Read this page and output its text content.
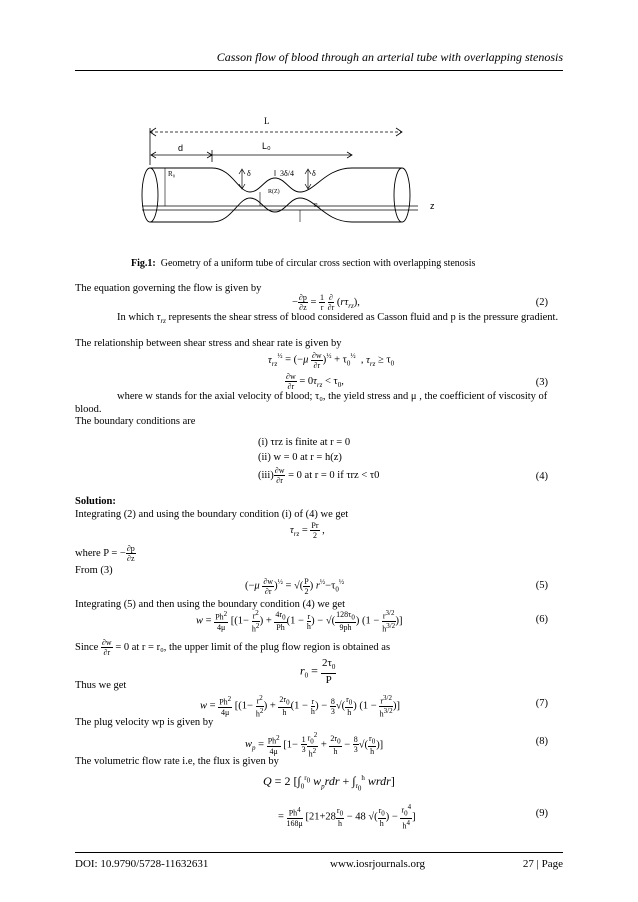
Casson flow of blood through an arterial tube with overlapping stenosis
L
d	L₀
R₀	δ	3δ/4 δ
R(Z)
R₀	z
Fig.1: Geometry of a uniform tube of circular cross section with overlapping stenosis
The equation governing the flow is given by
− $\frac{\partial p}{\partial z} = \frac{1}{r}$
$\frac{\partial}{\partial r} (r\tau_{rz})$,	(2)
In which $\tau_{rz}$ represents the shear stress of blood considered as Casson fluid and p is the pressure gradient.
The relationship between shear stress and shear rate is given by
$\tau_{rz}^{\frac{1}{2}} = (-\mu \frac{\partial w}{\partial r} )^{\frac{1}{2}} + \tau_0^{\frac{1}{2}}$  , $\tau_{rz} \ge \tau_0$
$\frac{\partial w}{\partial r} = 0\tau_{rz} < \tau_0$,	(3)
where w stands for the axial velocity of blood; τ₀, the yield stress and μ , the coefficient of viscosity of blood.
The boundary conditions are
(i) τrz is finite at r = 0
(ii) w = 0 at r = h(z)
$(iii) \frac{\partial w}{\partial r} = 0$ at r = 0 if τrz < τ0	(4)
Solution:
Integrating (2) and using the boundary condition (i) of (4) we get
$\tau_{rz} = \frac{Pr}{2}$ ,
where P = − $\frac{\partial p}{\partial z}$
From (3)
$(-\mu \frac{\partial w}{\partial r} )^{\frac{1}{2}}$ = √( $\frac{P}{2}$ ) $r^{\frac{1}{2}}-\tau_0^{\frac{1}{2}}$	(5)
Integrating (5) and then using the boundary condition (4) we get
$w = \frac{Ph^2}{4\mu} [(1- \frac{r^2}{h^2}$ ) + $\frac{4r_0}{Ph} (1 - \frac{r}{h}$ ) − √( $\frac{128\tau_0}{9ph}$ ) ($1 - \frac{r^{3/2}}{h^{3/2}}$ )]	(6)
Since $\frac{\partial w}{\partial r} = 0$ at r = r₀, the upper limit of the plug flow region is obtained as
$r_0 = \frac{2\tau_0}{P}$
Thus we get
$w = \frac{Ph^2}{4\mu} [(1- \frac{r^2}{h^2}$ ) + $\frac{2r_0}{h} (1 - \frac{r}{h}$ ) − $\frac{8}{3}$ √( $\frac{r_0}{h}$ ) ($1 - \frac{r^{3/2}}{h^{3/2}}$ )]	(7)
The plug velocity wp is given by
$w_p = \frac{Ph^2}{4\mu} [1- \frac{1}{3} \frac{r_0^2}{h^2} + \frac{2r_0}{h} - \frac{8}{3}$ √( $\frac{r_0}{h}$ )]	(8)
The volumetric flow rate i.e, the flux is given by
Q = 2 [$\int_0^{r_0}$ $w_prdr + \int_{r_0}^h$ wrdr]
= $\frac{Ph^4}{168\mu} [21+28 \frac{r_0}{h} - 48$ √( $\frac{r_0}{h}$ ) − $\frac{r_0^4}{h^4}$ ]	(9)
DOI: 10.9790/5728-11632631	www.iosrjournals.org	27 | Page
